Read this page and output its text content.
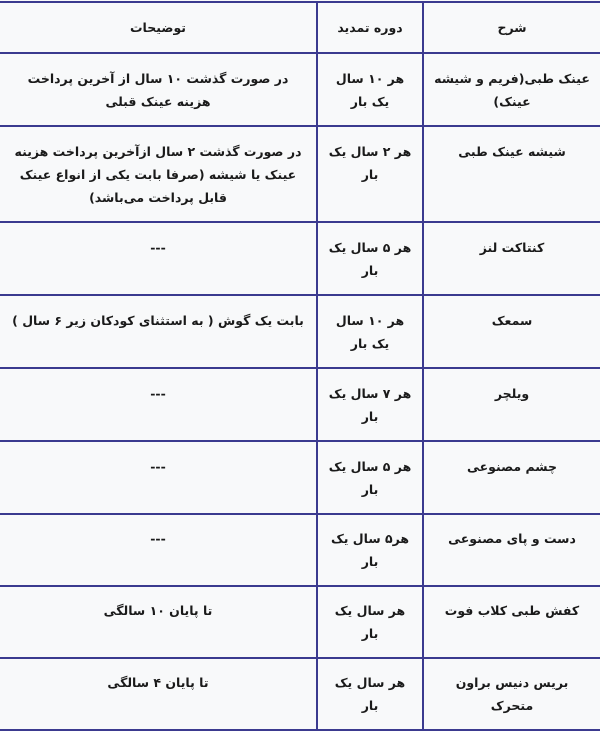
شرح	دوره تمدید	توضیحات
عینک طبی(فریم و شیشه عینک)	هر ۱۰ سال یک بار	در صورت گذشت ۱۰ سال از آخرین پرداخت هزینه عینک قبلی
شیشه عینک طبی	هر ۲ سال یک بار	در صورت گذشت ۲ سال ازآخرین پرداخت هزینه عینک یا شیشه (صرفا بابت یکی از انواع عینک قابل پرداخت می‌باشد)
کنتاکت لنز	هر ۵ سال یک بار	---
سمعک	هر ۱۰ سال یک بار	بابت یک گوش ( به استثنای کودکان زیر ۶ سال )
ویلچر	هر ۷ سال یک بار	---
چشم مصنوعی	هر ۵ سال یک بار	---
دست و پای مصنوعی	هر۵ سال یک بار	---
کفش طبی کلاب فوت	هر سال یک بار	تا پایان ۱۰ سالگی
بریس دنیس براون متحرک	هر سال یک بار	تا پایان ۴ سالگی
